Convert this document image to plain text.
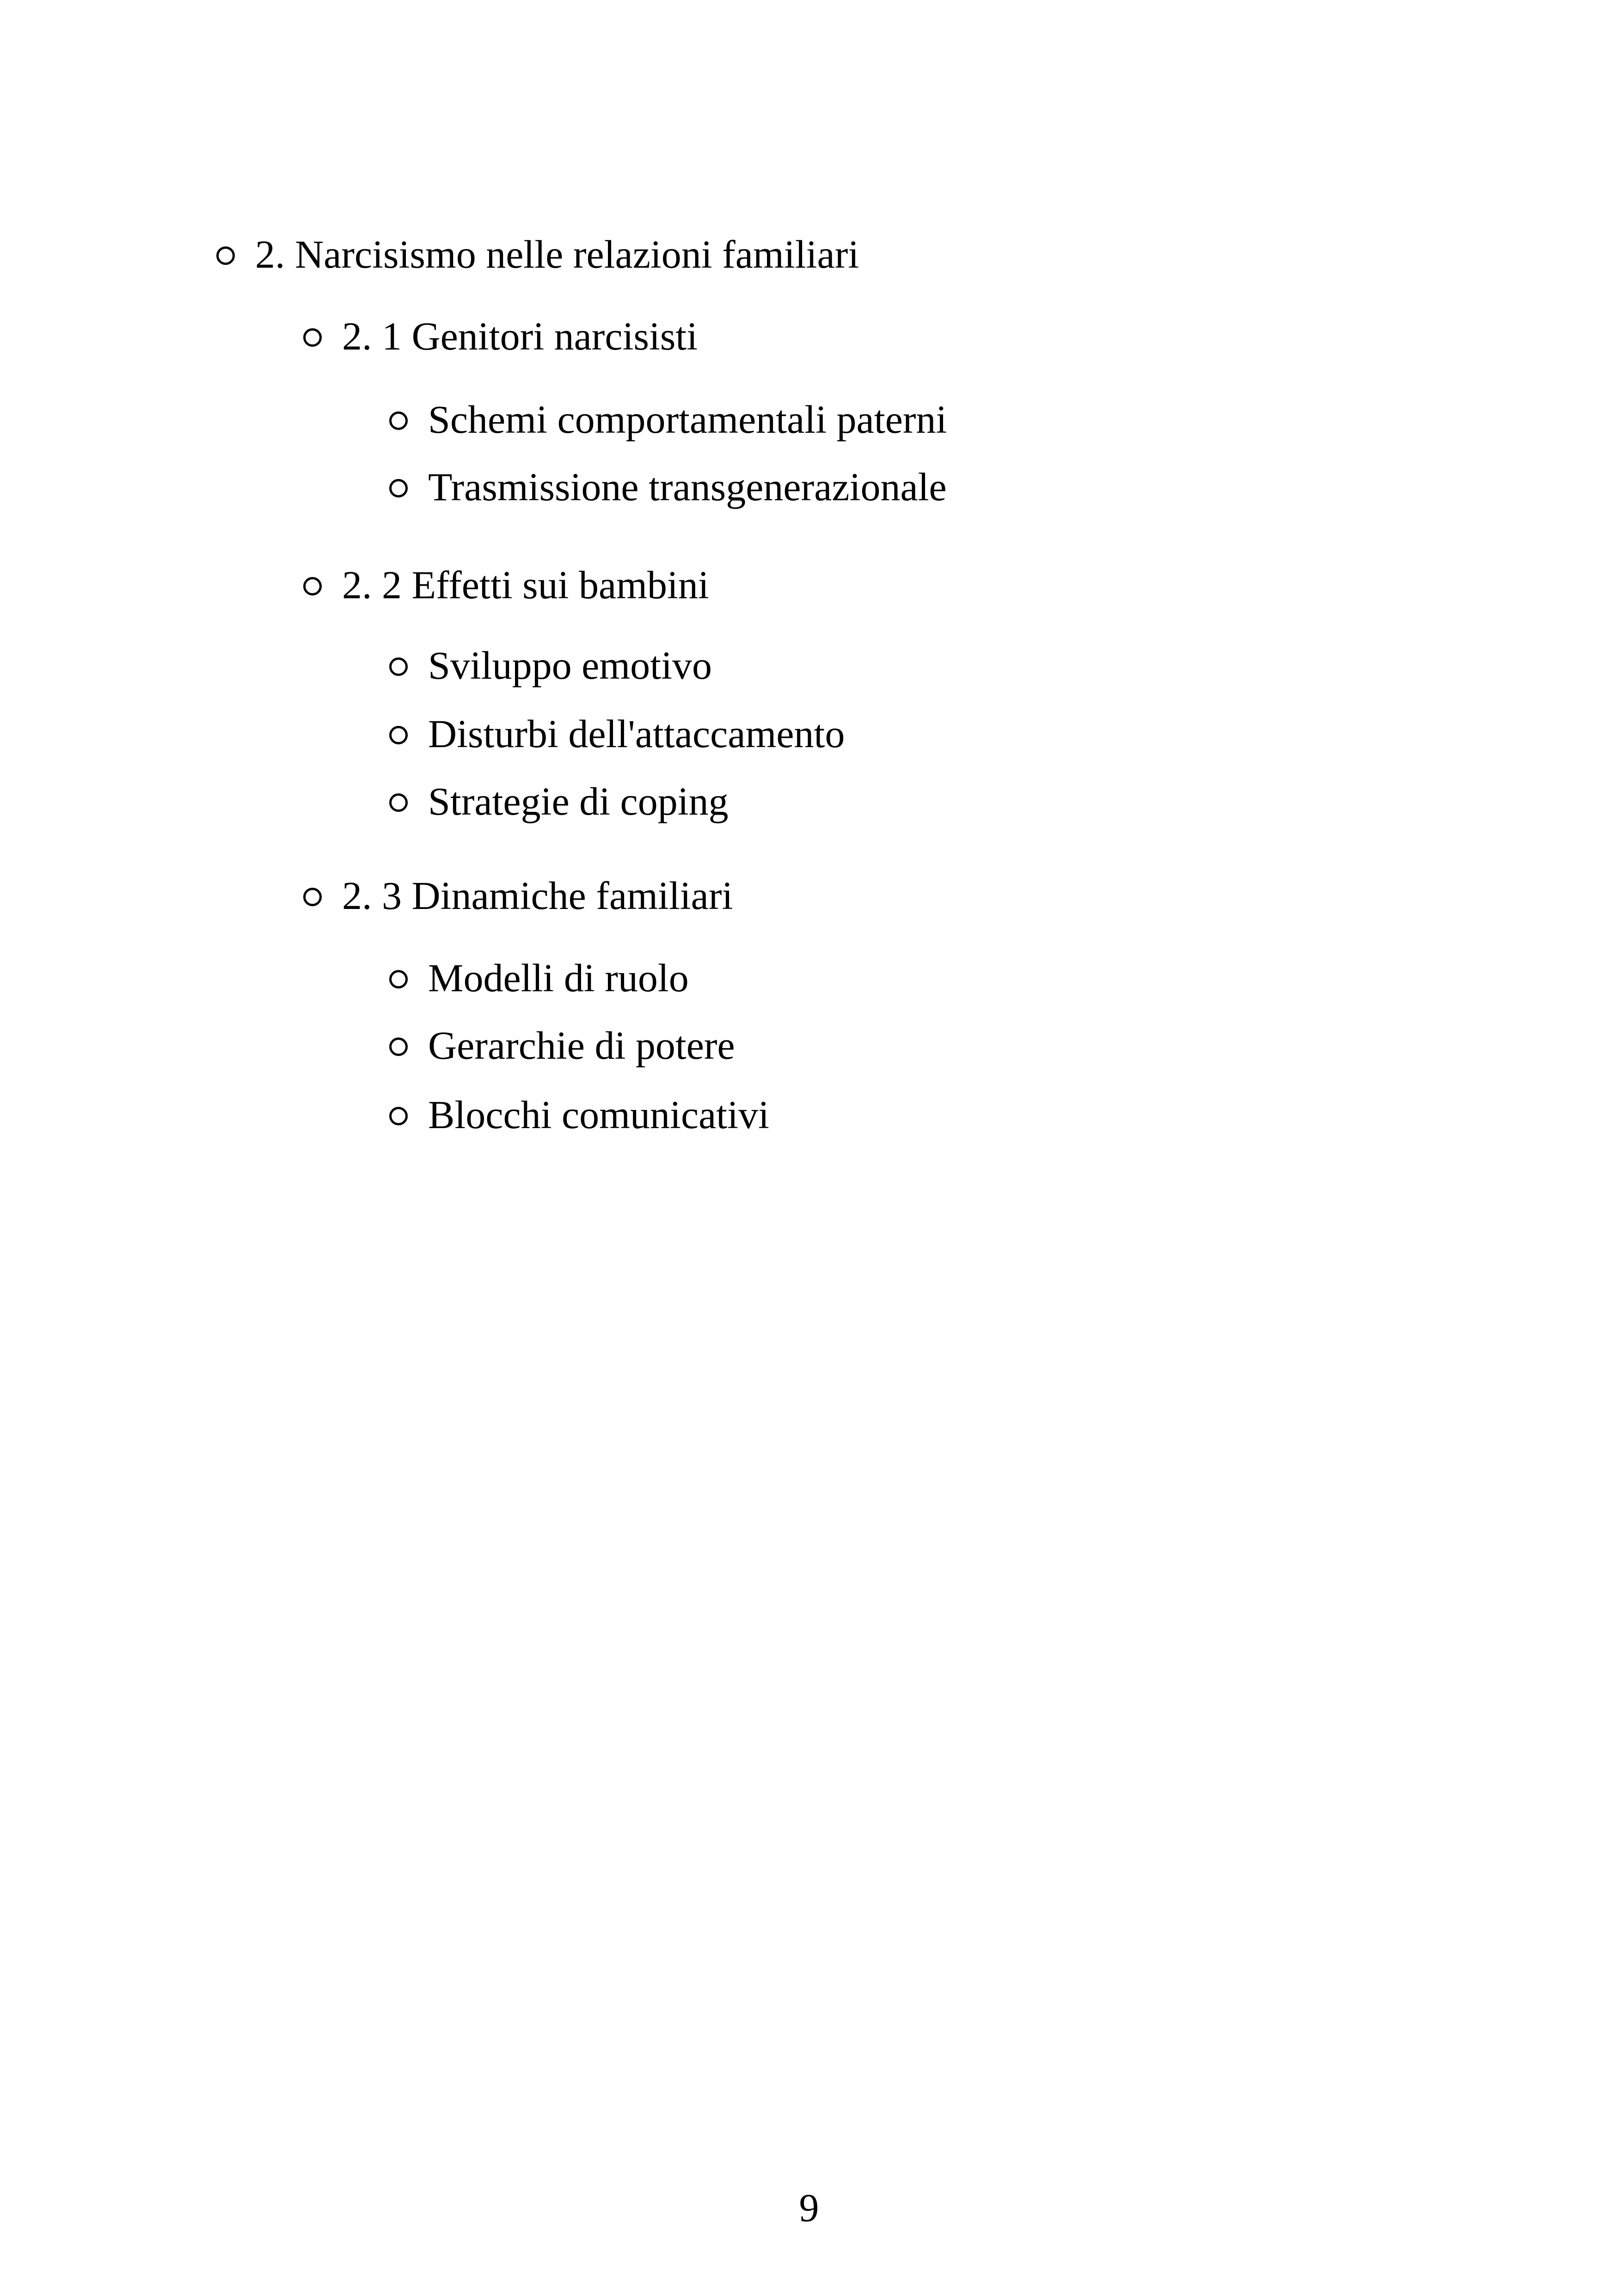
2. Narcisismo nelle relazioni familiari
2. 1 Genitori narcisisti
Schemi comportamentali paterni
Trasmissione transgenerazionale
2. 2 Effetti sui bambini
Sviluppo emotivo
Disturbi dell'attaccamento
Strategie di coping
2. 3 Dinamiche familiari
Modelli di ruolo
Gerarchie di potere
Blocchi comunicativi
9
